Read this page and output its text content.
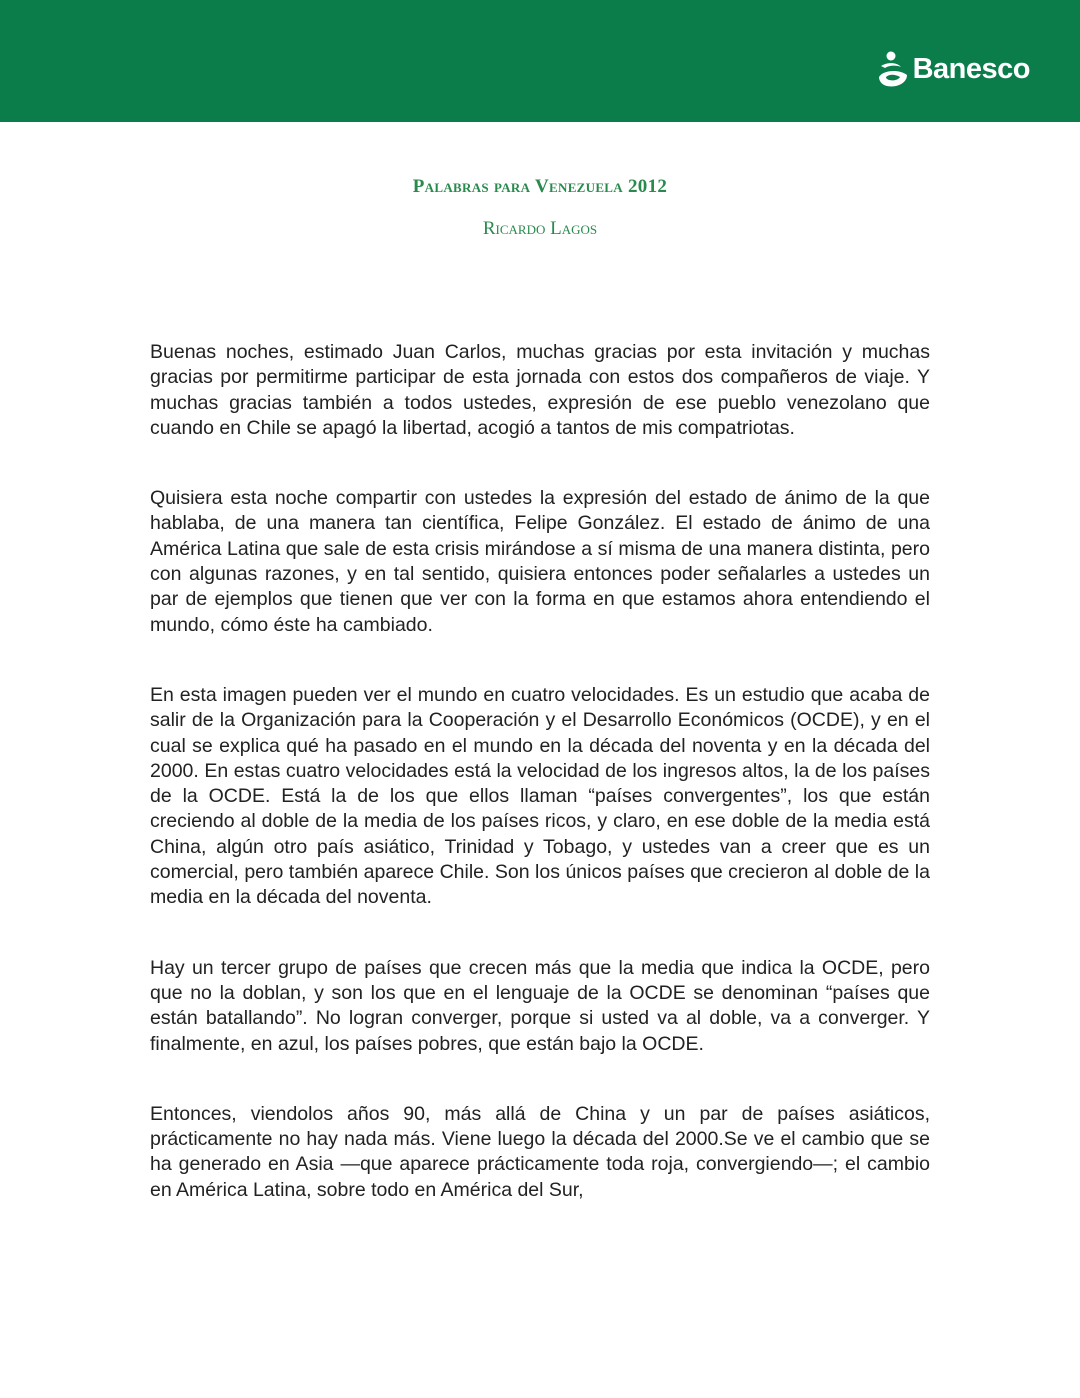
Banesco
Palabras para Venezuela 2012
Ricardo Lagos

Buenas noches, estimado Juan Carlos, muchas gracias por esta invitación y muchas gracias por permitirme participar de esta jornada con estos dos compañeros de viaje. Y muchas gracias también a todos ustedes, expresión de ese pueblo venezolano que cuando en Chile se apagó la libertad, acogió a tantos de mis compatriotas.

Quisiera esta noche compartir con ustedes la expresión del estado de ánimo de la que hablaba, de una manera tan científica, Felipe González. El estado de ánimo de una América Latina que sale de esta crisis mirándose a sí misma de una manera distinta, pero con algunas razones, y en tal sentido, quisiera entonces poder señalarles a ustedes un par de ejemplos que tienen que ver con la forma en que estamos ahora entendiendo el mundo, cómo éste ha cambiado.

En esta imagen pueden ver el mundo en cuatro velocidades. Es un estudio que acaba de salir de la Organización para la Cooperación y el Desarrollo Económicos (OCDE), y en el cual se explica qué ha pasado en el mundo en la década del noventa y en la década del 2000. En estas cuatro velocidades está la velocidad de los ingresos altos, la de los países de la OCDE. Está la de los que ellos llaman “países convergentes”, los que están creciendo al doble de la media de los países ricos, y claro, en ese doble de la media está China, algún otro país asiático, Trinidad y Tobago, y ustedes van a creer que es un comercial, pero también aparece Chile. Son los únicos países que crecieron al doble de la media en la década del noventa.

Hay un tercer grupo de países que crecen más que la media que indica la OCDE, pero que no la doblan, y son los que en el lenguaje de la OCDE se denominan “países que están batallando”. No logran converger, porque si usted va al doble, va a converger. Y finalmente, en azul, los países pobres, que están bajo la OCDE.

Entonces, viendolos años 90, más allá de China y un par de países asiáticos, prácticamente no hay nada más. Viene luego la década del 2000.Se ve el cambio que se ha generado en Asia —que aparece prácticamente toda roja, convergiendo—; el cambio en América Latina, sobre todo en América del Sur,
